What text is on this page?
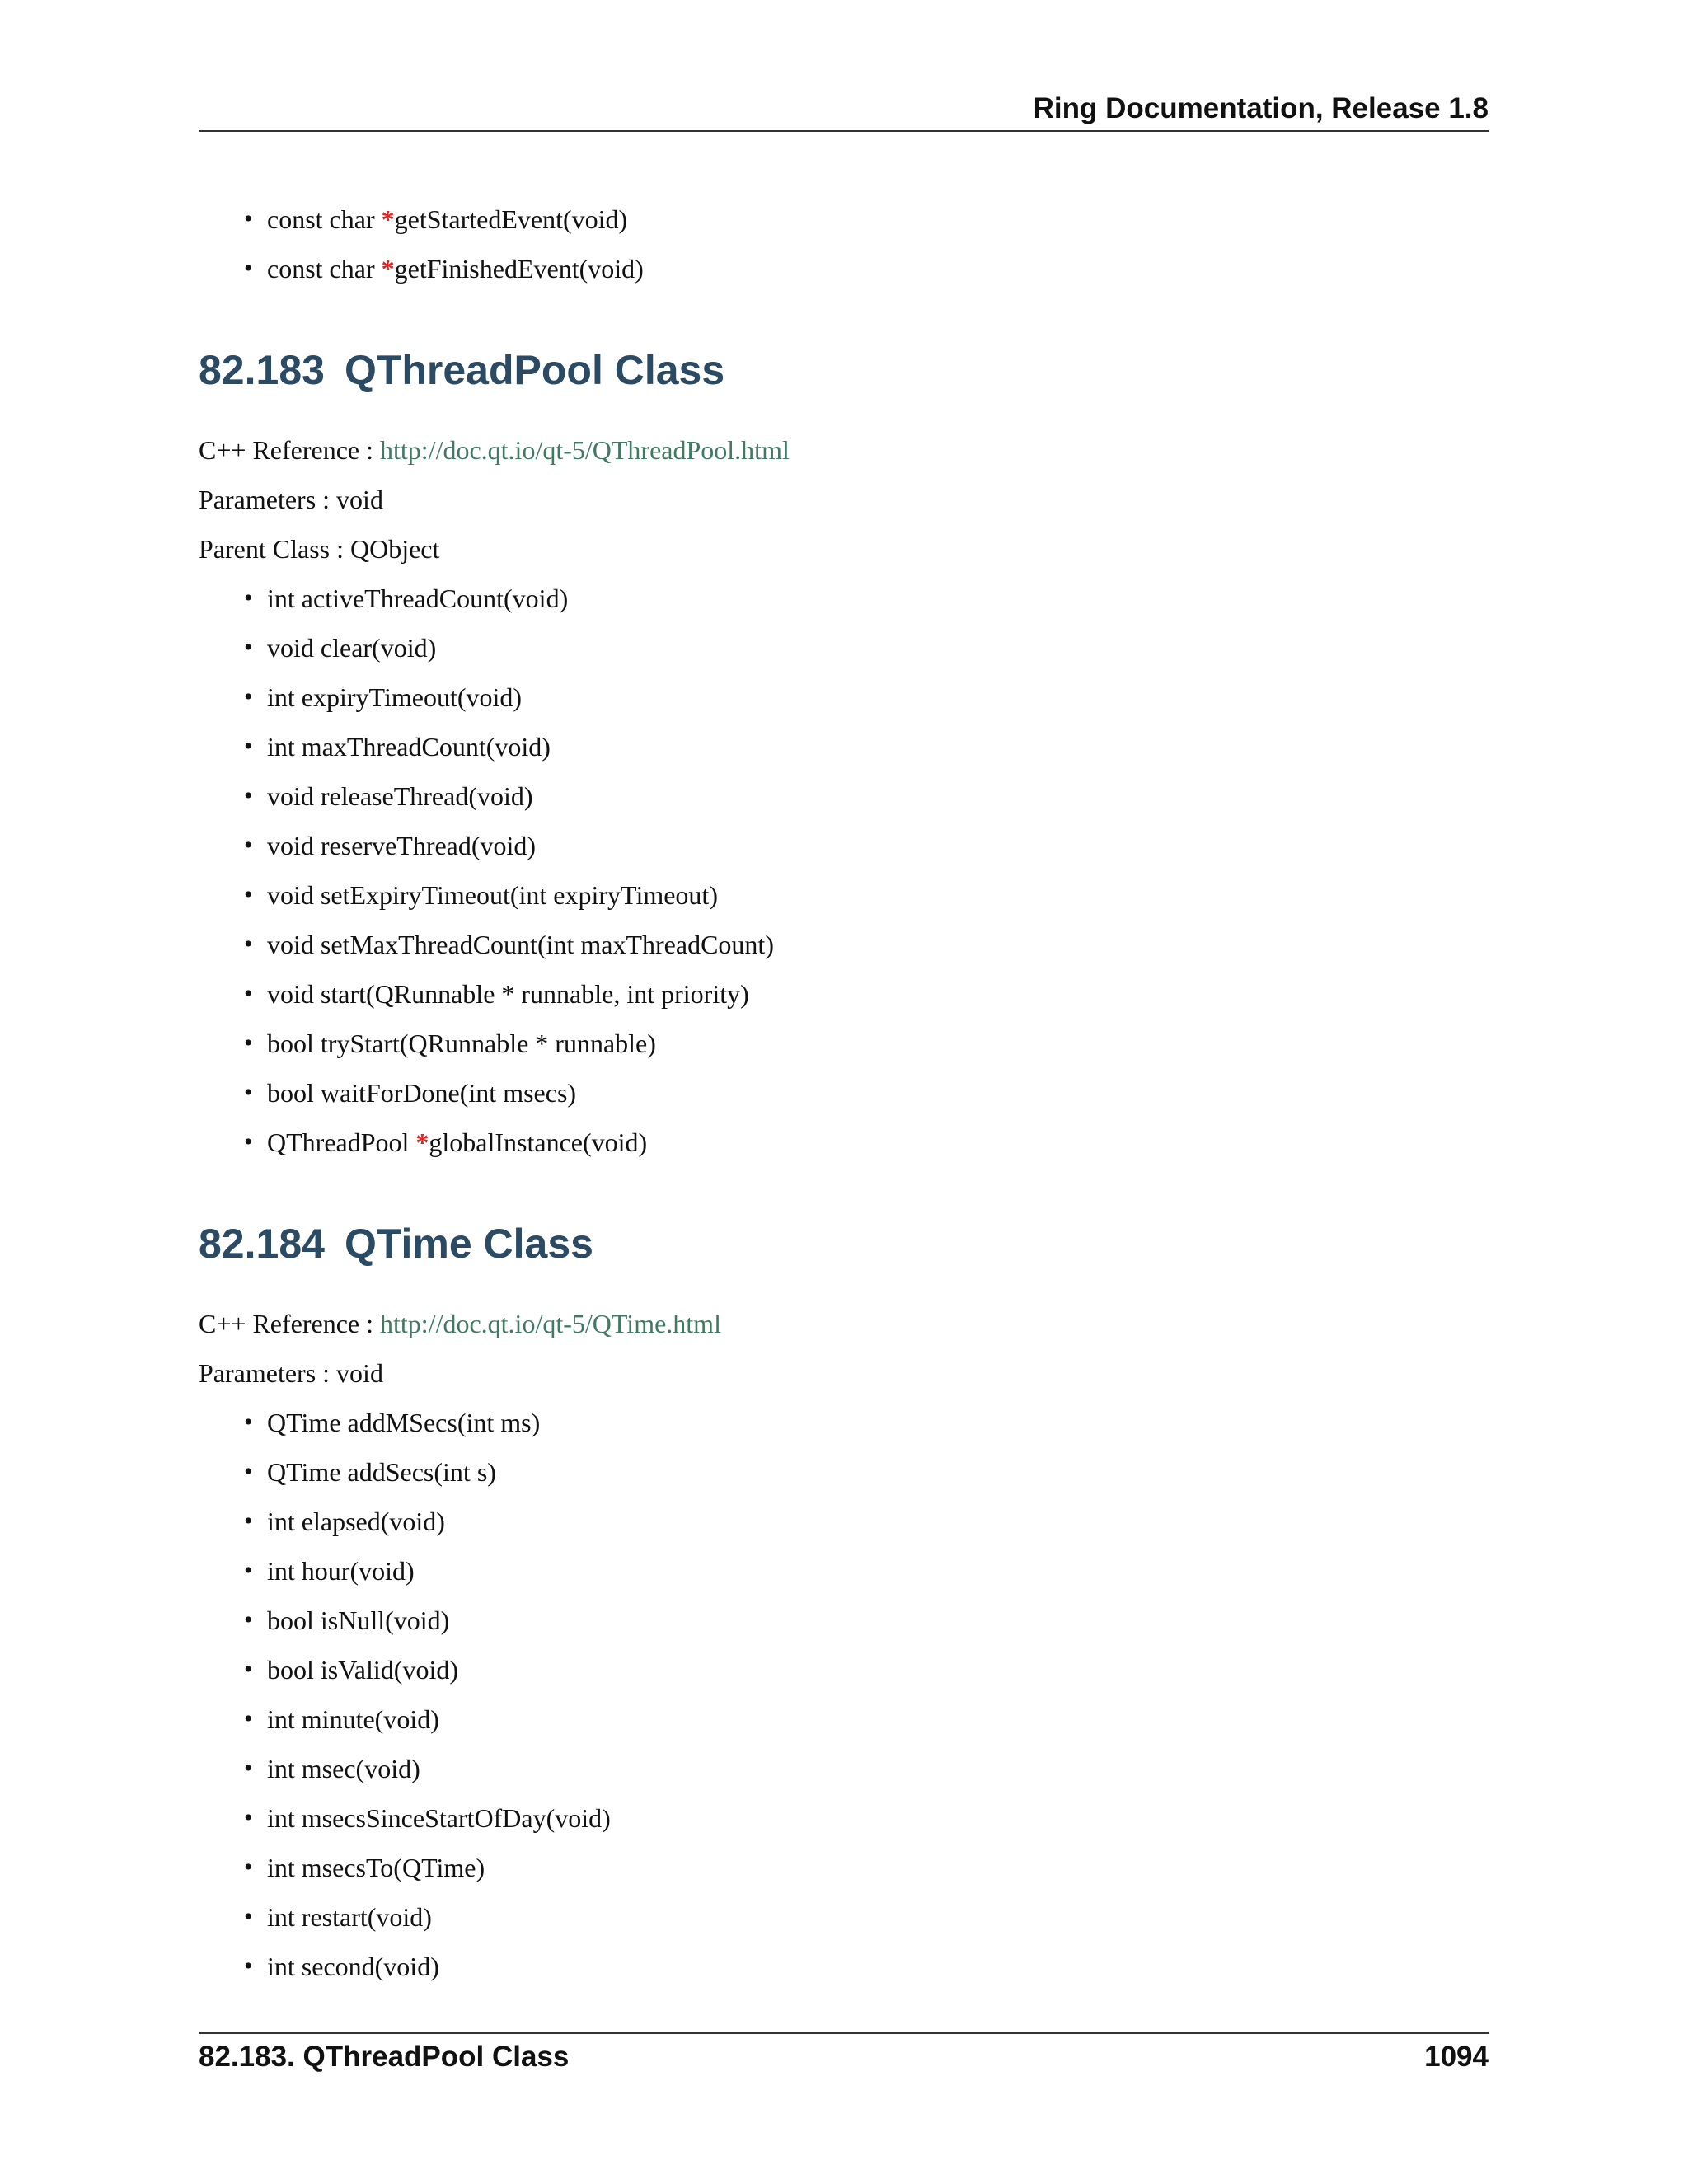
Ring Documentation, Release 1.8
• const char *getStartedEvent(void)
• const char *getFinishedEvent(void)
82.183 QThreadPool Class

C++ Reference : http://doc.qt.io/qt-5/QThreadPool.html

Parameters : void

Parent Class : QObject

• int activeThreadCount(void)
• void clear(void)
• int expiryTimeout(void)
• int maxThreadCount(void)
• void releaseThread(void)
• void reserveThread(void)
• void setExpiryTimeout(int expiryTimeout)
• void setMaxThreadCount(int maxThreadCount)
• void start(QRunnable * runnable, int priority)
• bool tryStart(QRunnable * runnable)
• bool waitForDone(int msecs)
• QThreadPool *globalInstance(void)
82.184 QTime Class

C++ Reference : http://doc.qt.io/qt-5/QTime.html

Parameters : void

• QTime addMSecs(int ms)
• QTime addSecs(int s)
• int elapsed(void)
• int hour(void)
• bool isNull(void)
• bool isValid(void)
• int minute(void)
• int msec(void)
• int msecsSinceStartOfDay(void)
• int msecsTo(QTime)
• int restart(void)
• int second(void)
82.183. QThreadPool Class	1094
